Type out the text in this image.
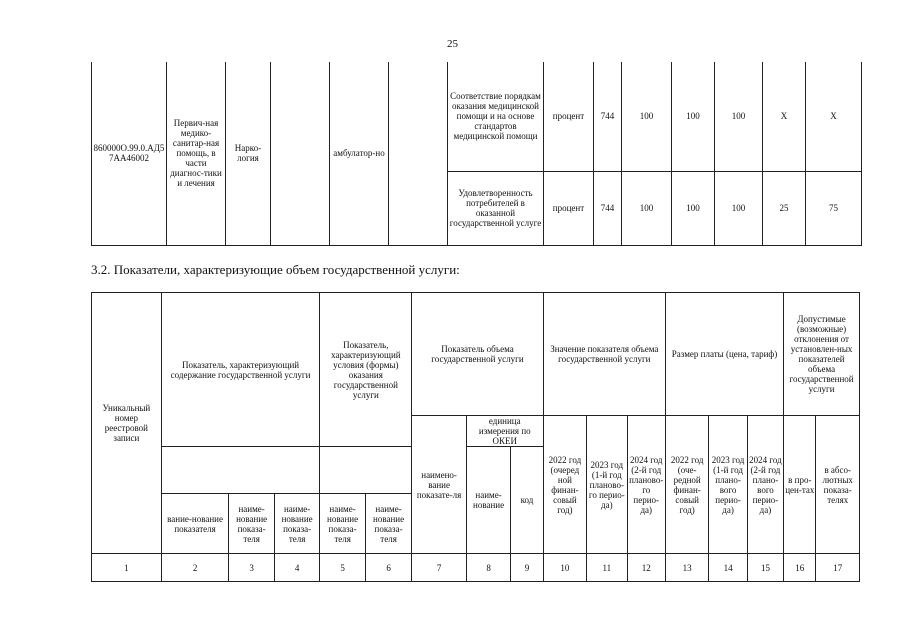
25
860000О.99.0.АД57АА46002	Первич-ная медико-санитар-ная помощь, в части диагнос-тики и лечения	Нарко-логия		амбулатор-но		Соответствие порядкам оказания медицинской помощи и на основе стандартов медицинской помощи	процент	744	100	100	100	X	X
						Удовлетворенность потребителей в оказанной государственной услуге	процент	744	100	100	100	25	75
3.2. Показатели, характеризующие объем государственной услуги:
Уникальный номер реестровой записи	Показатель, характеризующий содержание государственной услуги			Показатель, характеризующий условия (формы) оказания государственной услуги		Показатель объема государственной услуги			Значение показателя объема государственной услуги			Размер платы (цена, тариф)			Допустимые (возможные) отклонения от установлен-ных показателей объема государственной услуги	
						наимено-вание показате-ля	единица измерения по ОКЕИ		2022 год (очеред ной финан-совый год)	2023 год (1-й год планово-го перио-да)	2024 год (2-й год планово-го перио-да)	2022 год (оче-редной финан-совый год)	2023 год (1-й год плано-вого перио-да)	2024 год (2-й год плано-вого перио-да)	в про-цен-тах	в абсо-лютных показа-телях
							наиме-нование	код								
	вание-нование показателя	наиме-нование показа-теля	наиме-нование показа-теля	наиме-нование показа-теля	наиме-нование показа-теля											
1	2	3	4	5	6	7	8	9	10	11	12	13	14	15	16	17
